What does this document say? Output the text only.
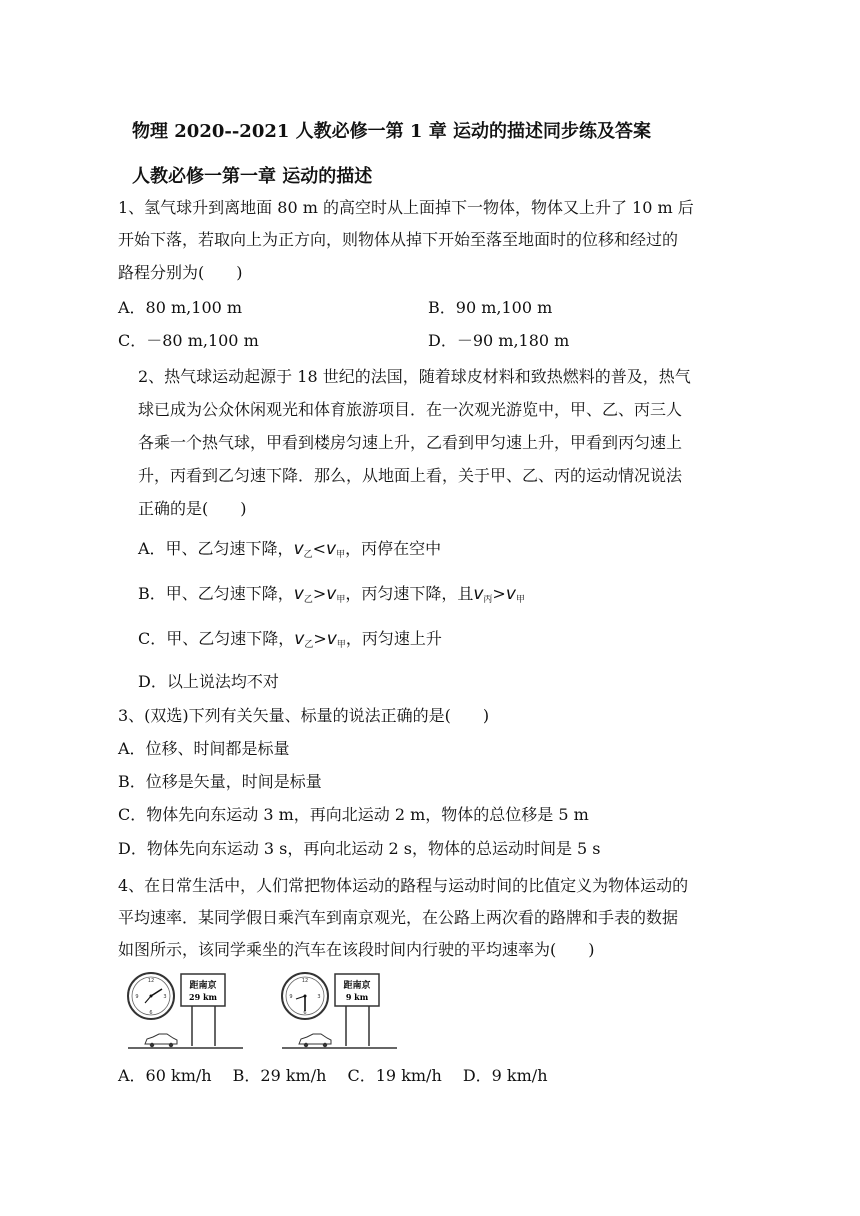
物理 2020--2021 人教必修一第 1 章 运动的描述同步练及答案
人教必修一第一章 运动的描述
1、氢气球升到离地面 80 m 的高空时从上面掉下一物体，物体又上升了 10 m 后
开始下落，若取向上为正方向，则物体从掉下开始至落至地面时的位移和经过的
路程分别为(　　)
A．80 m,100 m	B．90 m,100 m
C．－80 m,100 m	D．－90 m,180 m
2、热气球运动起源于 18 世纪的法国，随着球皮材料和致热燃料的普及，热气
球已成为公众休闲观光和体育旅游项目．在一次观光游览中，甲、乙、丙三人
各乘一个热气球，甲看到楼房匀速上升，乙看到甲匀速上升，甲看到丙匀速上
升，丙看到乙匀速下降．那么，从地面上看，关于甲、乙、丙的运动情况说法
正确的是(　　)
A．甲、乙匀速下降，$v_乙<v_甲$，丙停在空中
B．甲、乙匀速下降，$v_乙>v_甲$，丙匀速下降，且$v_丙>v_甲$
C．甲、乙匀速下降，$v_乙>v_甲$，丙匀速上升
D．以上说法均不对
3、(双选)下列有关矢量、标量的说法正确的是(　　)
A．位移、时间都是标量
B．位移是矢量，时间是标量
C．物体先向东运动 3 m，再向北运动 2 m，物体的总位移是 5 m
D．物体先向东运动 3 s，再向北运动 2 s，物体的总运动时间是 5 s
4、在日常生活中，人们常把物体运动的路程与运动时间的比值定义为物体运动的
平均速率．某同学假日乘汽车到南京观光，在公路上两次看的路牌和手表的数据
如图所示，该同学乘坐的汽车在该段时间内行驶的平均速率为(　　)
12
3
6
9
距南京
29 km
12
3
6
9
距南京
9 km
A．60 km/h　 B．29 km/h　 C．19 km/h　 D．9 km/h
